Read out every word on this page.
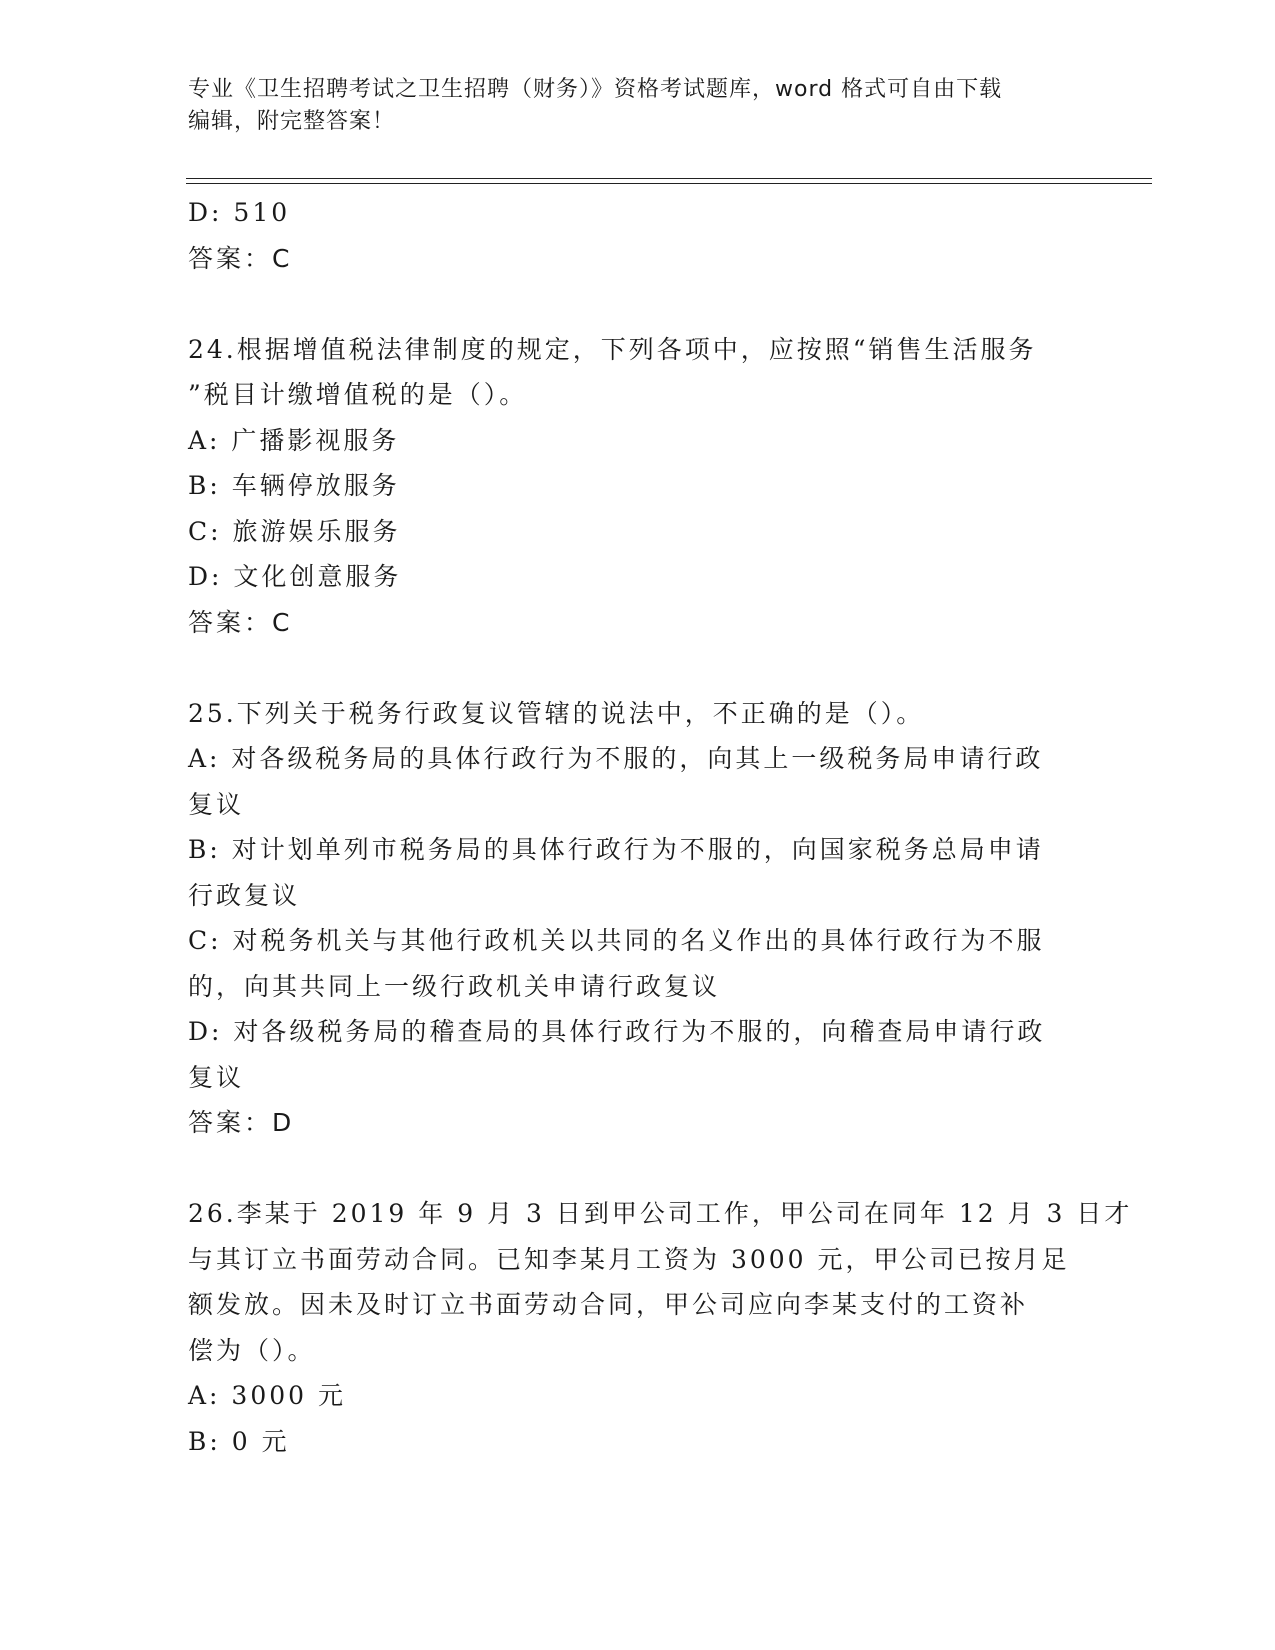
专业《卫生招聘考试之卫生招聘（财务）》资格考试题库，word 格式可自由下载
编辑，附完整答案！
D: 510
答案：C
24.根据增值税法律制度的规定，下列各项中，应按照“销售生活服务
”税目计缴增值税的是（）。
A: 广播影视服务
B: 车辆停放服务
C: 旅游娱乐服务
D: 文化创意服务
答案：C
25.下列关于税务行政复议管辖的说法中，不正确的是（）。
A: 对各级税务局的具体行政行为不服的，向其上一级税务局申请行政
复议
B: 对计划单列市税务局的具体行政行为不服的，向国家税务总局申请
行政复议
C: 对税务机关与其他行政机关以共同的名义作出的具体行政行为不服
的，向其共同上一级行政机关申请行政复议
D: 对各级税务局的稽查局的具体行政行为不服的，向稽查局申请行政
复议
答案：D
26.李某于 2019 年 9 月 3 日到甲公司工作，甲公司在同年 12 月 3 日才
与其订立书面劳动合同。已知李某月工资为 3000 元，甲公司已按月足
额发放。因未及时订立书面劳动合同，甲公司应向李某支付的工资补
偿为（）。
A: 3000 元
B: 0 元
